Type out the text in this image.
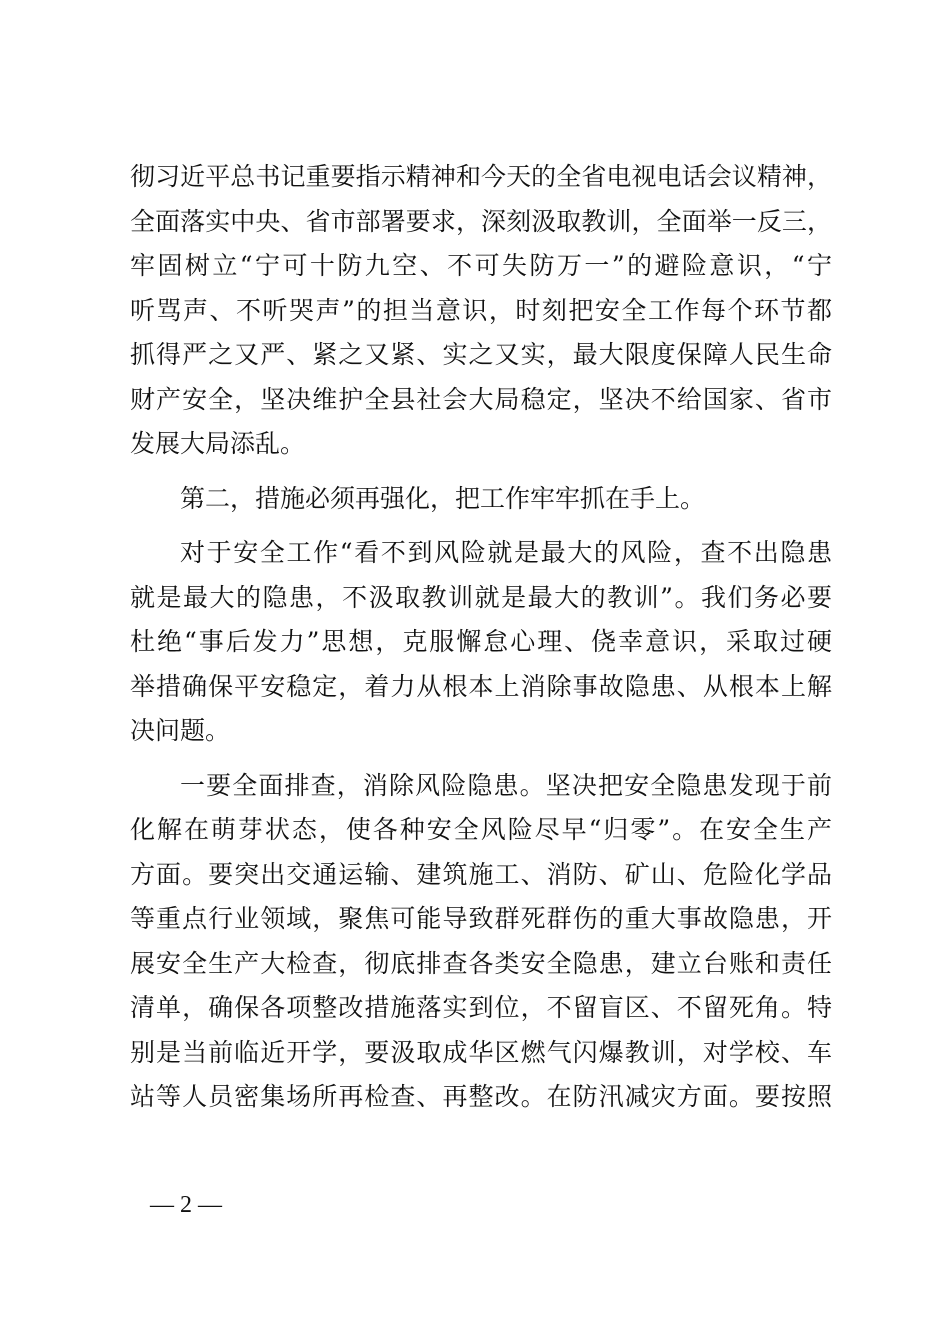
彻习近平总书记重要指示精神和今天的全省电视电话会议精神，
全面落实中央、省市部署要求，深刻汲取教训，全面举一反三，
牢固树立“宁可十防九空、不可失防万一”的避险意识，“宁
听骂声、不听哭声”的担当意识，时刻把安全工作每个环节都
抓得严之又严、紧之又紧、实之又实，最大限度保障人民生命
财产安全，坚决维护全县社会大局稳定，坚决不给国家、省市
发展大局添乱。
第二，措施必须再强化，把工作牢牢抓在手上。
对于安全工作“看不到风险就是最大的风险，查不出隐患
就是最大的隐患，不汲取教训就是最大的教训”。我们务必要
杜绝“事后发力”思想，克服懈怠心理、侥幸意识，采取过硬
举措确保平安稳定，着力从根本上消除事故隐患、从根本上解
决问题。
一要全面排查，消除风险隐患。坚决把安全隐患发现于前
化解在萌芽状态，使各种安全风险尽早“归零”。在安全生产
方面。要突出交通运输、建筑施工、消防、矿山、危险化学品
等重点行业领域，聚焦可能导致群死群伤的重大事故隐患，开
展安全生产大检查，彻底排查各类安全隐患，建立台账和责任
清单，确保各项整改措施落实到位，不留盲区、不留死角。特
别是当前临近开学，要汲取成华区燃气闪爆教训，对学校、车
站等人员密集场所再检查、再整改。在防汛减灾方面。要按照
— 2 —
